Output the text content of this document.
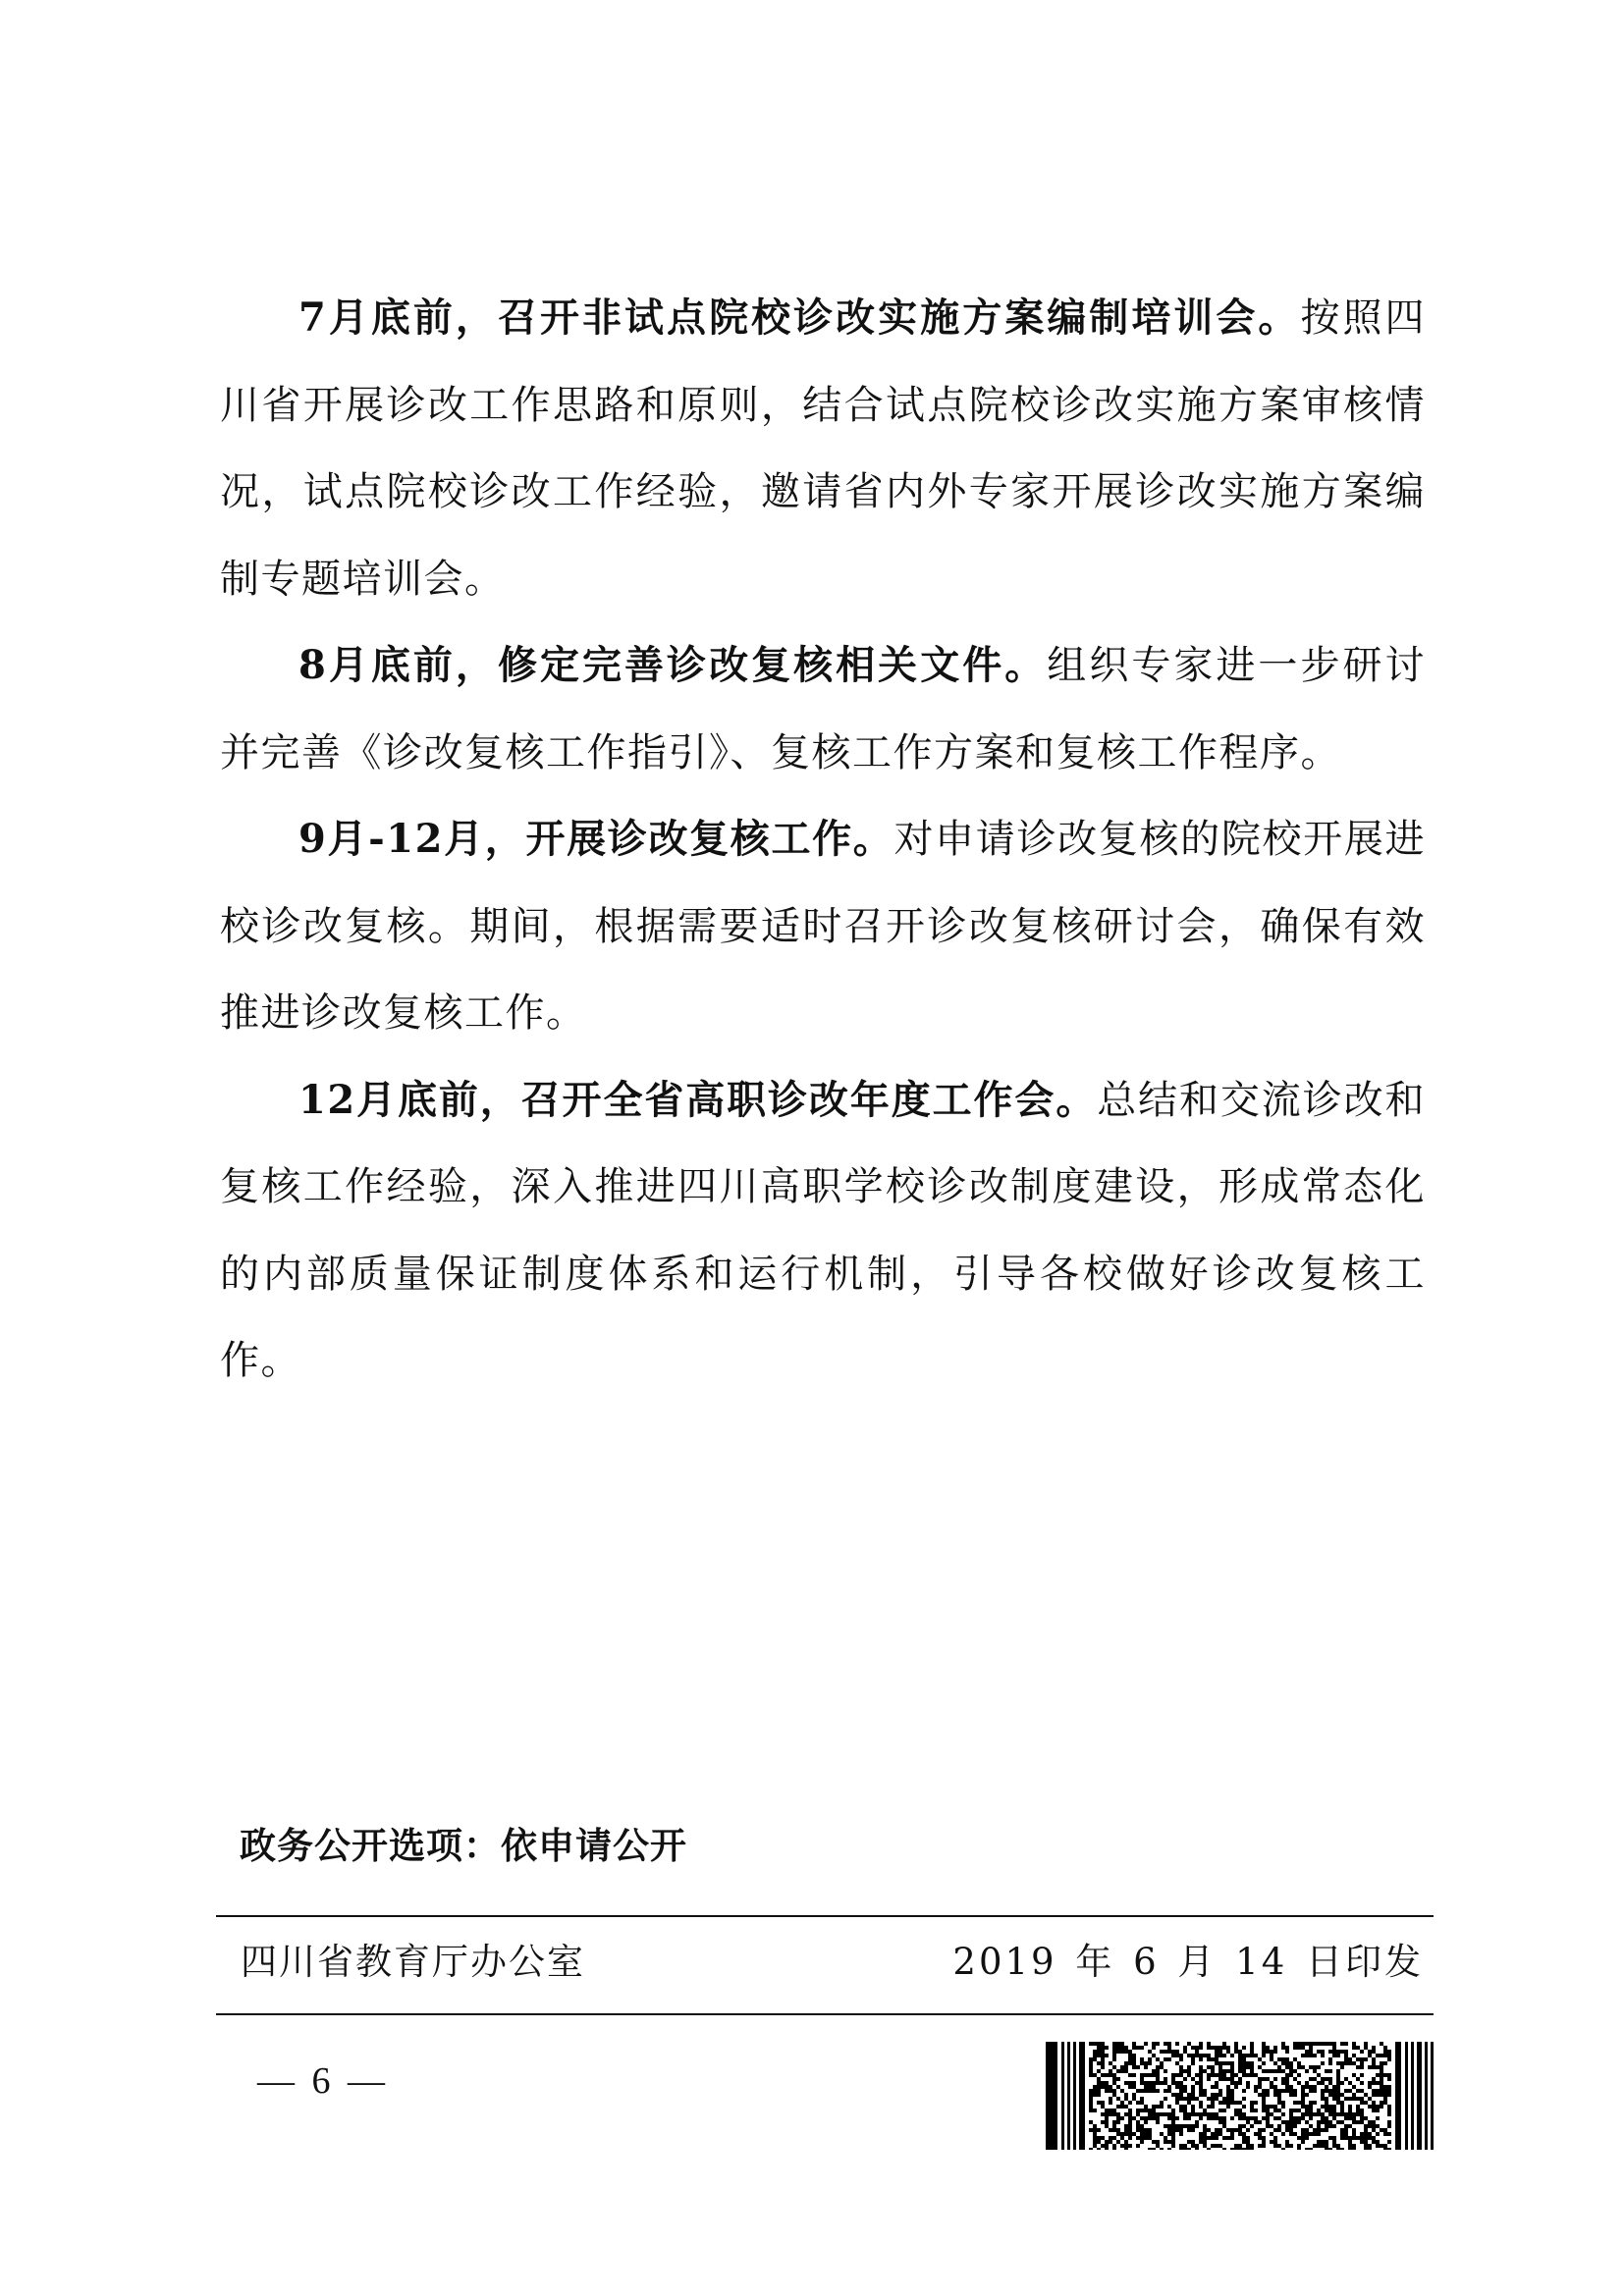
7月底前，召开非试点院校诊改实施方案编制培训会。按照四川省开展诊改工作思路和原则，结合试点院校诊改实施方案审核情况，试点院校诊改工作经验，邀请省内外专家开展诊改实施方案编制专题培训会。

8月底前，修定完善诊改复核相关文件。组织专家进一步研讨并完善《诊改复核工作指引》、复核工作方案和复核工作程序。

9月-12月，开展诊改复核工作。对申请诊改复核的院校开展进校诊改复核。期间，根据需要适时召开诊改复核研讨会，确保有效推进诊改复核工作。

12月底前，召开全省高职诊改年度工作会。总结和交流诊改和复核工作经验，深入推进四川高职学校诊改制度建设，形成常态化的内部质量保证制度体系和运行机制，引导各校做好诊改复核工作。

政务公开选项：依申请公开
四川省教育厅办公室	2019 年 6 月 14 日印发
— 6 —
